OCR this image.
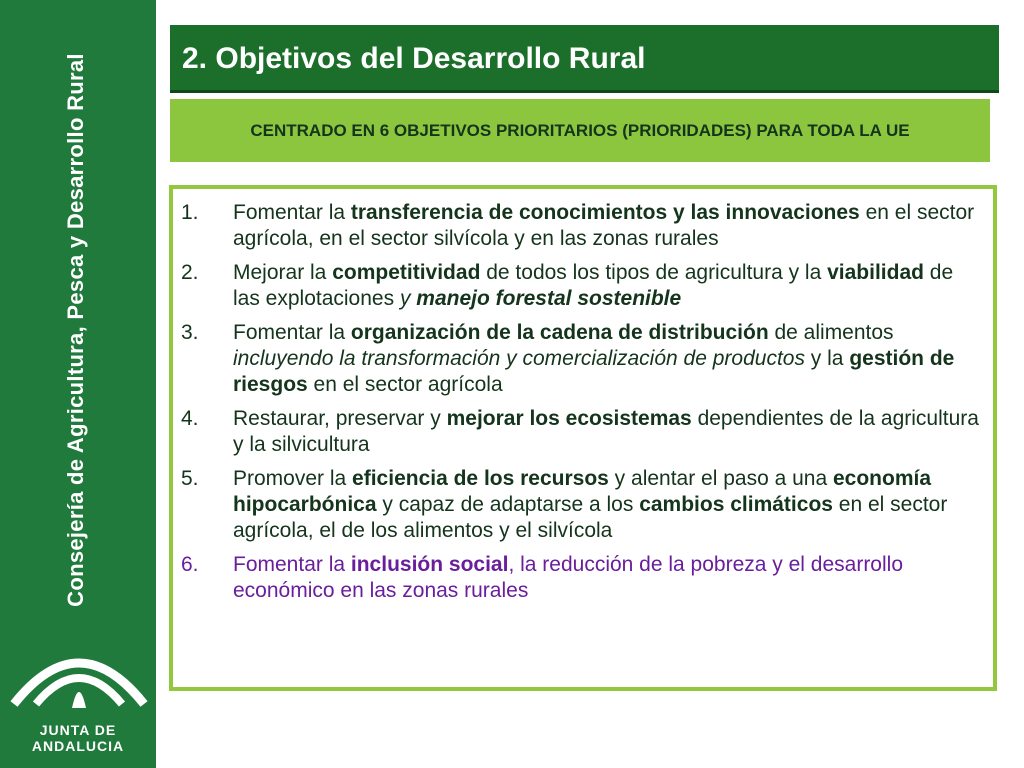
Consejería de Agricultura, Pesca y Desarrollo Rural
JUNTA DE ANDALUCIA
2. Objetivos del Desarrollo Rural
CENTRADO EN 6 OBJETIVOS PRIORITARIOS (PRIORIDADES) PARA TODA LA UE
1. Fomentar la transferencia de conocimientos y las innovaciones en el sector agrícola, en el sector silvícola y en las zonas rurales
2. Mejorar la competitividad de todos los tipos de agricultura y la viabilidad de las explotaciones y manejo forestal sostenible
3. Fomentar la organización de la cadena de distribución de alimentos incluyendo la transformación y comercialización de productos y la gestión de riesgos en el sector agrícola
4. Restaurar, preservar y mejorar los ecosistemas dependientes de la agricultura y la silvicultura
5. Promover la eficiencia de los recursos y alentar el paso a una economía hipocarbónica y capaz de adaptarse a los cambios climáticos en el sector agrícola, el de los alimentos y el silvícola
6. Fomentar la inclusión social, la reducción de la pobreza y el desarrollo económico en las zonas rurales
